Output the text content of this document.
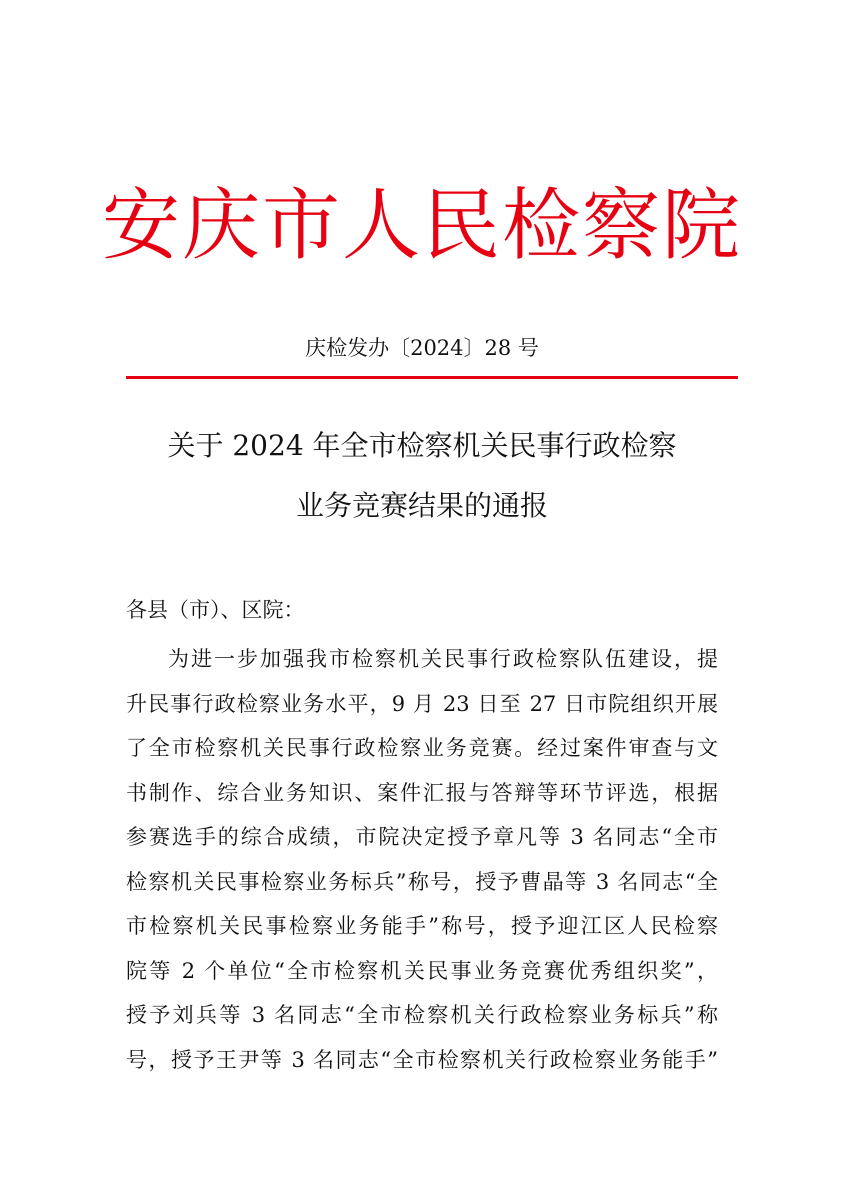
安庆市人民检察院
庆检发办〔2024〕28 号
关于 2024 年全市检察机关民事行政检察
业务竞赛结果的通报
各县（市）、区院：
为进一步加强我市检察机关民事行政检察队伍建设，提
升民事行政检察业务水平，9 月 23 日至 27 日市院组织开展
了全市检察机关民事行政检察业务竞赛。经过案件审查与文
书制作、综合业务知识、案件汇报与答辩等环节评选，根据
参赛选手的综合成绩，市院决定授予章凡等 3 名同志“全市
检察机关民事检察业务标兵”称号，授予曹晶等 3 名同志“全
市检察机关民事检察业务能手”称号，授予迎江区人民检察
院等 2 个单位“全市检察机关民事业务竞赛优秀组织奖”，
授予刘兵等 3 名同志“全市检察机关行政检察业务标兵”称
号，授予王尹等 3 名同志“全市检察机关行政检察业务能手”
